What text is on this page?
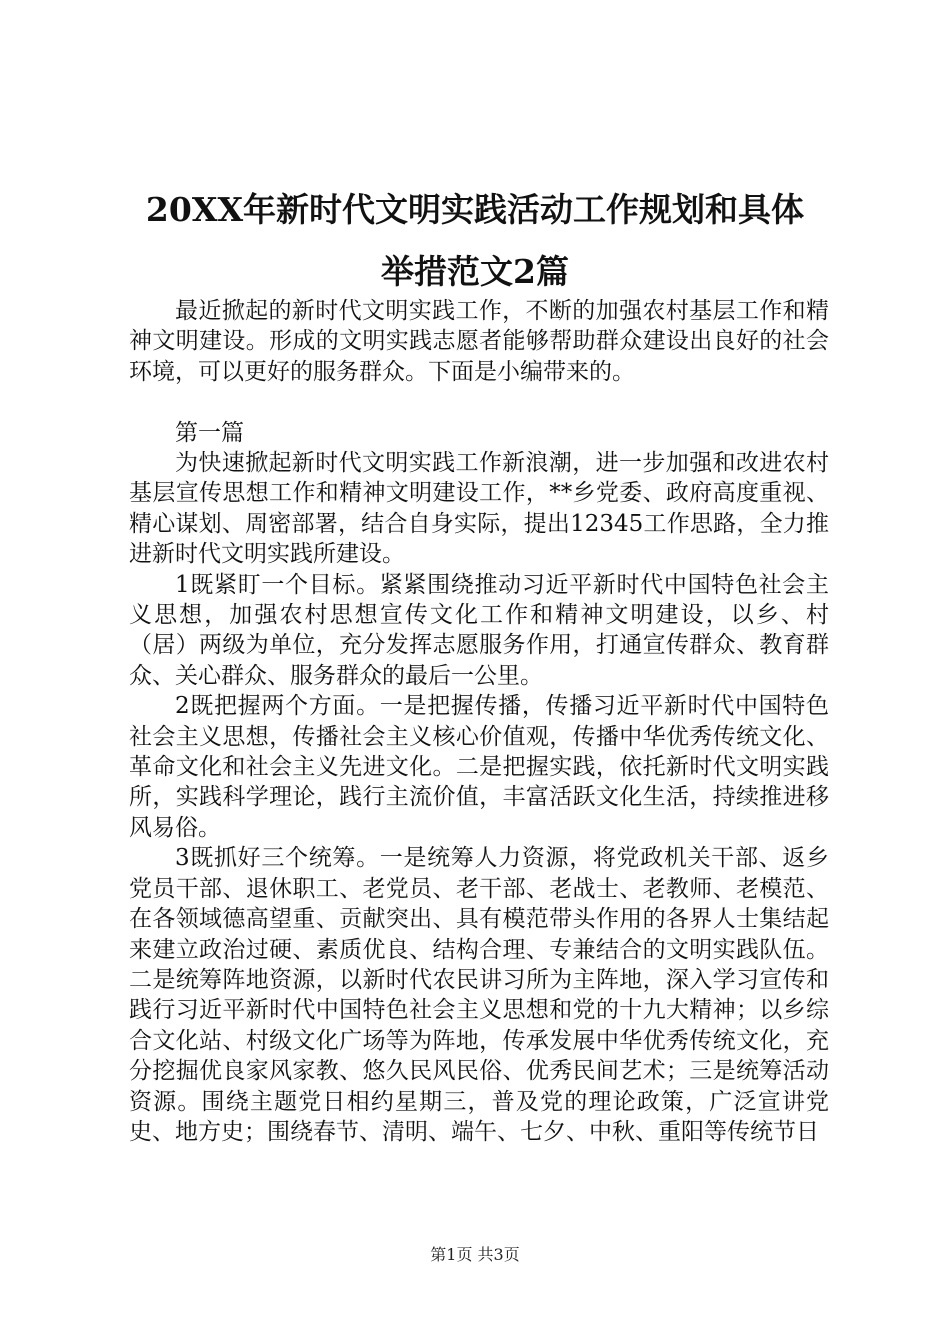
20XX年新时代文明实践活动工作规划和具体
举措范文2篇

最近掀起的新时代文明实践工作，不断的加强农村基层工作和精神文明建设。形成的文明实践志愿者能够帮助群众建设出良好的社会环境，可以更好的服务群众。下面是小编带来的。

第一篇

为快速掀起新时代文明实践工作新浪潮，进一步加强和改进农村基层宣传思想工作和精神文明建设工作，**乡党委、政府高度重视、精心谋划、周密部署，结合自身实际，提出12345工作思路，全力推进新时代文明实践所建设。

1既紧盯一个目标。紧紧围绕推动习近平新时代中国特色社会主义思想，加强农村思想宣传文化工作和精神文明建设，以乡、村（居）两级为单位，充分发挥志愿服务作用，打通宣传群众、教育群众、关心群众、服务群众的最后一公里。

2既把握两个方面。一是把握传播，传播习近平新时代中国特色社会主义思想，传播社会主义核心价值观，传播中华优秀传统文化、革命文化和社会主义先进文化。二是把握实践，依托新时代文明实践所，实践科学理论，践行主流价值，丰富活跃文化生活，持续推进移风易俗。

3既抓好三个统筹。一是统筹人力资源，将党政机关干部、返乡党员干部、退休职工、老党员、老干部、老战士、老教师、老模范、在各领域德高望重、贡献突出、具有模范带头作用的各界人士集结起来建立政治过硬、素质优良、结构合理、专兼结合的文明实践队伍。二是统筹阵地资源，以新时代农民讲习所为主阵地，深入学习宣传和践行习近平新时代中国特色社会主义思想和党的十九大精神；以乡综合文化站、村级文化广场等为阵地，传承发展中华优秀传统文化，充分挖掘优良家风家教、悠久民风民俗、优秀民间艺术；三是统筹活动资源。围绕主题党日相约星期三，普及党的理论政策，广泛宣讲党史、地方史；围绕春节、清明、端午、七夕、中秋、重阳等传统节日

第1页 共3页
